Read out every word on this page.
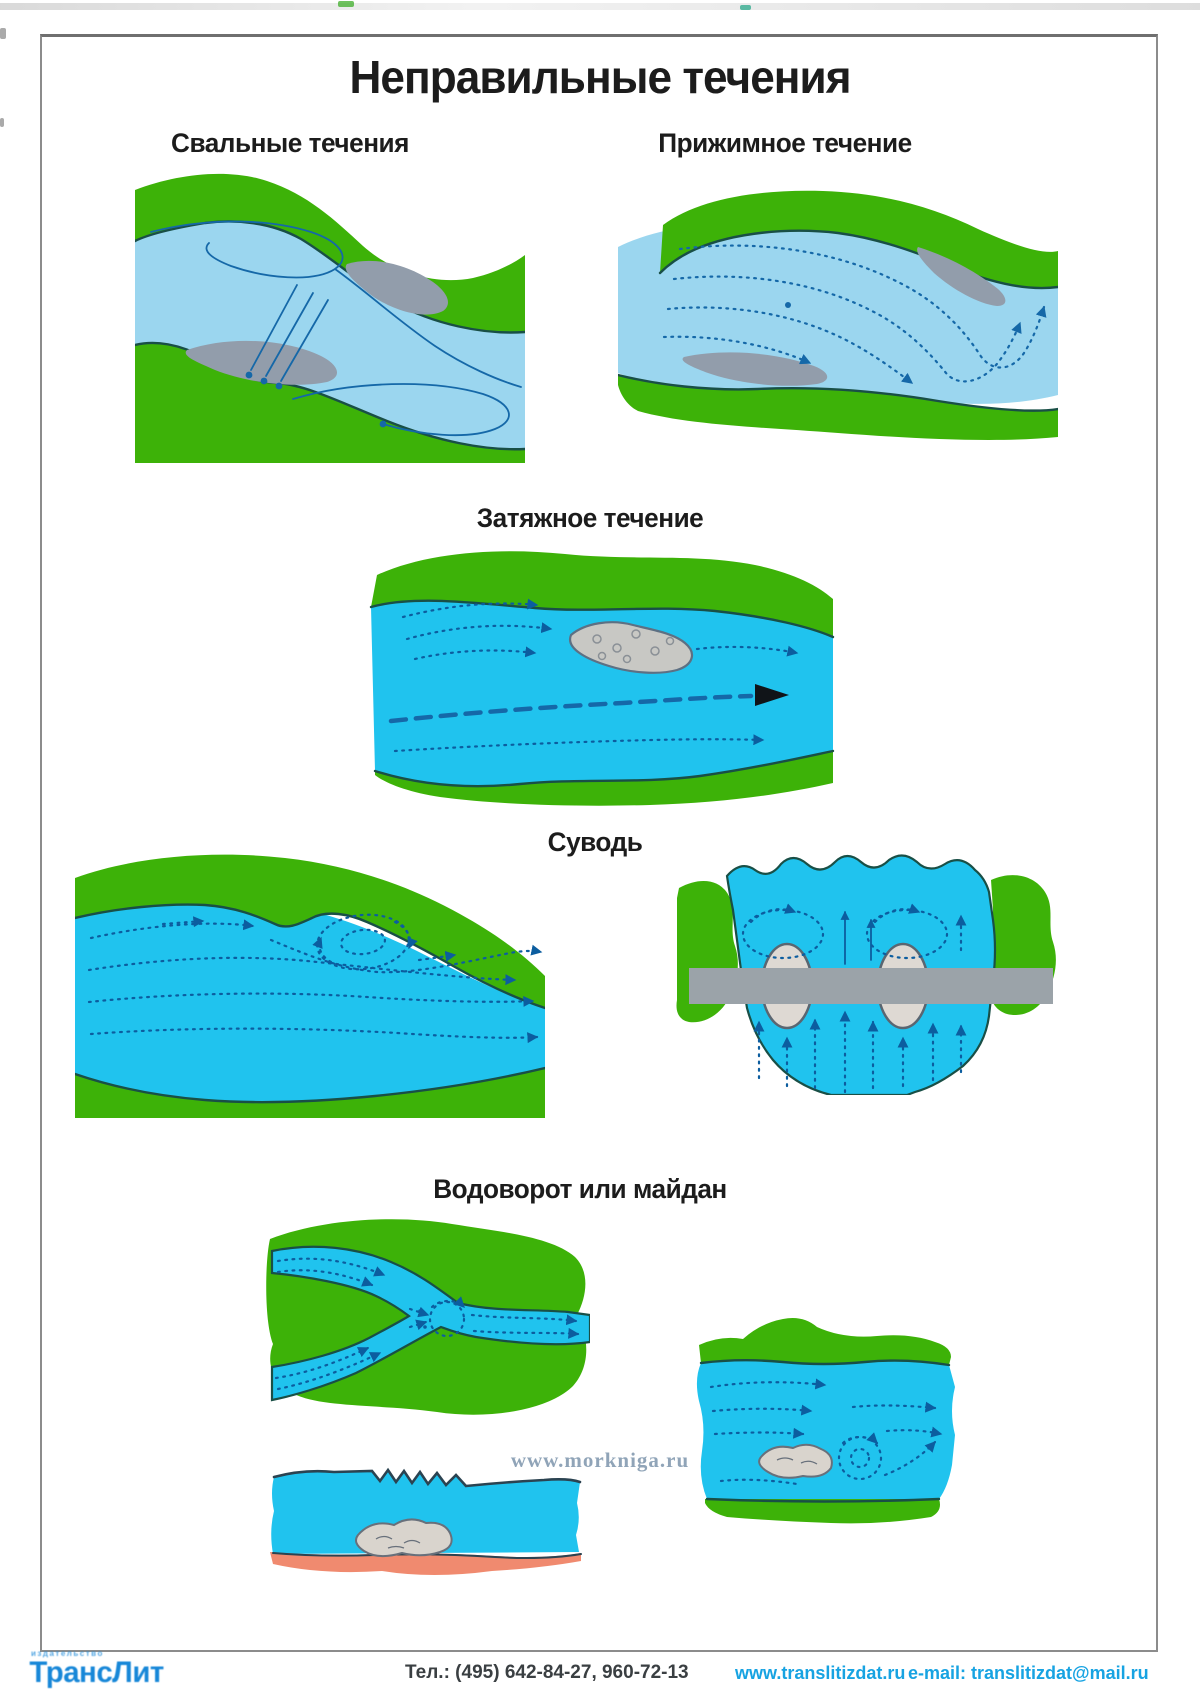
Неправильные течения
Свальные течения	Прижимное течение
Затяжное течение
Суводь
Водоворот или майдан
www.morkniga.ru
издательство
ТрансЛит	Тел.: (495) 642-84-27, 960-72-13	www.translitizdat.ru e-mail: translitizdat@mail.ru
